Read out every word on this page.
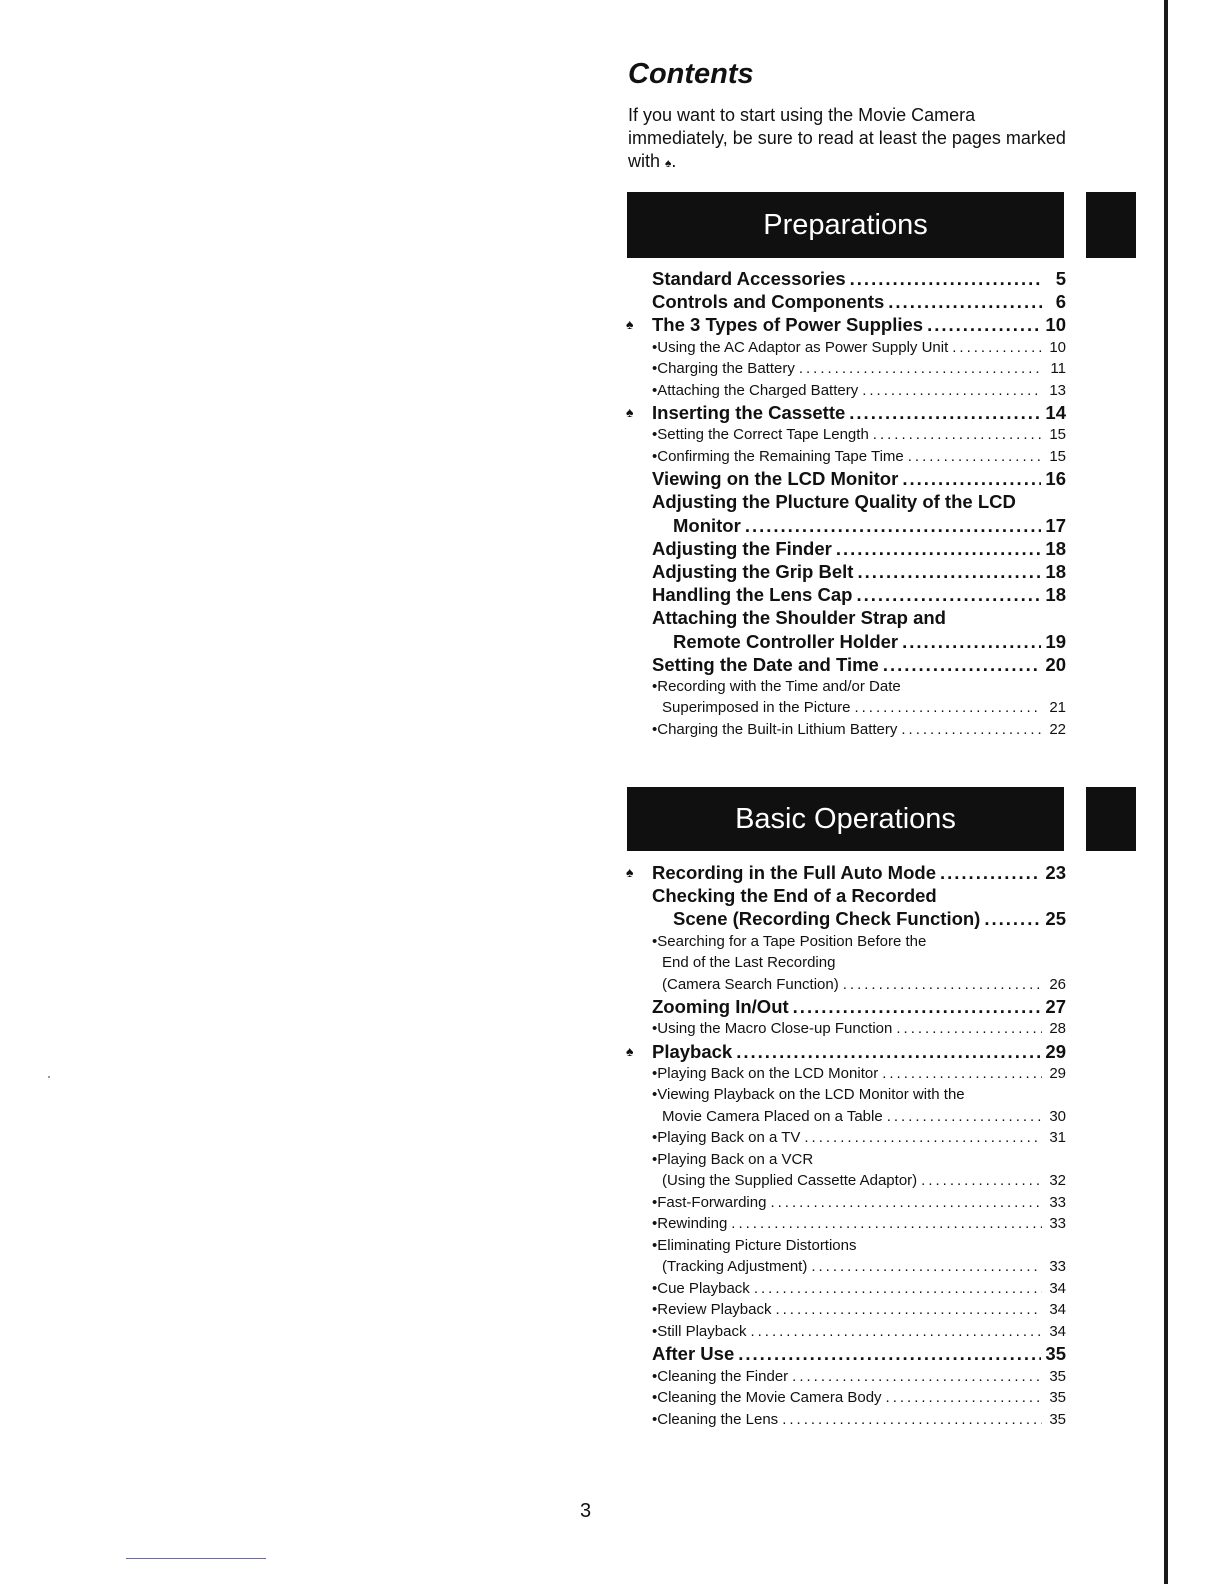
Contents

If you want to start using the Movie Camera immediately, be sure to read at least the pages marked with ♠.

Preparations
Standard Accessories .....	5
Controls and Components .....	6
♠ The 3 Types of Power Supplies .....	10
•Using the AC Adaptor as Power Supply Unit .....	10
•Charging the Battery .....	11
•Attaching the Charged Battery .....	13
♠ Inserting the Cassette .....	14
•Setting the Correct Tape Length .....	15
•Confirming the Remaining Tape Time .....	15
Viewing on the LCD Monitor .....	16
Adjusting the Plucture Quality of the LCD
Monitor .....	17
Adjusting the Finder .....	18
Adjusting the Grip Belt .....	18
Handling the Lens Cap .....	18
Attaching the Shoulder Strap and
Remote Controller Holder .....	19
Setting the Date and Time .....	20
•Recording with the Time and/or Date
Superimposed in the Picture .....	21
•Charging the Built-in Lithium Battery .....	22
Basic Operations
♠ Recording in the Full Auto Mode .....	23
Checking the End of a Recorded
Scene (Recording Check Function) .....	25
•Searching for a Tape Position Before the
End of the Last Recording
(Camera Search Function) .....	26
Zooming In/Out .....	27
•Using the Macro Close-up Function .....	28
♠ Playback .....	29
•Playing Back on the LCD Monitor .....	29
•Viewing Playback on the LCD Monitor with the
Movie Camera Placed on a Table .....	30
•Playing Back on a TV .....	31
•Playing Back on a VCR
(Using the Supplied Cassette Adaptor) .....	32
•Fast-Forwarding .....	33
•Rewinding .....	33
•Eliminating Picture Distortions
(Tracking Adjustment) .....	33
•Cue Playback .....	34
•Review Playback .....	34
•Still Playback .....	34
After Use .....	35
•Cleaning the Finder .....	35
•Cleaning the Movie Camera Body .....	35
•Cleaning the Lens .....	35
3
